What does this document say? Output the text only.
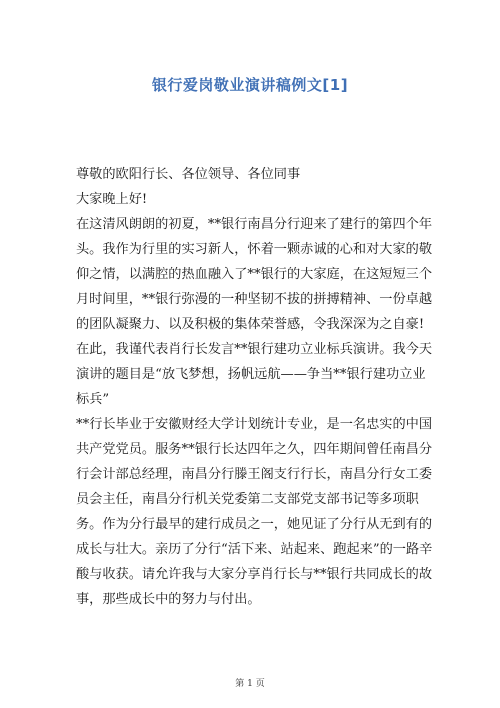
银行爱岗敬业演讲稿例文[1]

尊敬的欧阳行长、各位领导、各位同事

大家晚上好!

在这清风朗朗的初夏，**银行南昌分行迎来了建行的第四个年头。我作为行里的实习新人，怀着一颗赤诚的心和对大家的敬仰之情，以满腔的热血融入了**银行的大家庭，在这短短三个月时间里，**银行弥漫的一种坚韧不拔的拼搏精神、一份卓越的团队凝聚力、以及积极的集体荣誉感，令我深深为之自豪!在此，我谨代表肖行长发言**银行建功立业标兵演讲。我今天演讲的题目是“放飞梦想，扬帆远航——争当**银行建功立业标兵”

**行长毕业于安徽财经大学计划统计专业，是一名忠实的中国共产党党员。服务**银行长达四年之久，四年期间曾任南昌分行会计部总经理，南昌分行滕王阁支行行长，南昌分行女工委员会主任，南昌分行机关党委第二支部党支部书记等多项职务。作为分行最早的建行成员之一，她见证了分行从无到有的成长与壮大。亲历了分行“活下来、站起来、跑起来”的一路辛酸与收获。请允许我与大家分享肖行长与**银行共同成长的故事，那些成长中的努力与付出。

第 1 页
